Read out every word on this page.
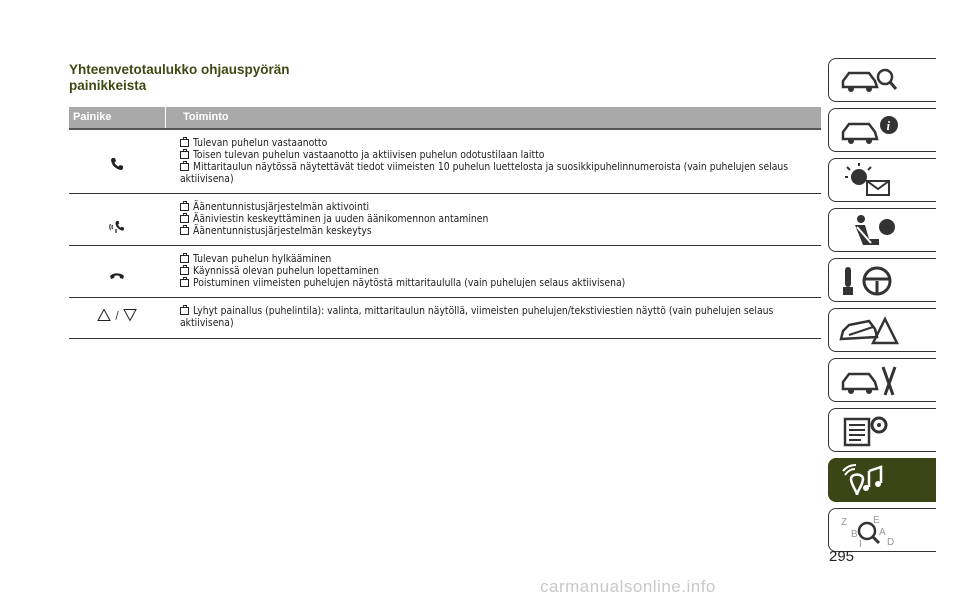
Yhteenvetotaulukko ohjauspyörän
painikkeista
Painike	Toiminto
Tulevan puhelun vastaanotto
Toisen tulevan puhelun vastaanotto ja aktiivisen puhelun odotustilaan laitto
Mittaritaulun näytössä näytettävät tiedot viimeisten 10 puhelun luettelosta ja suosikkipuhelinnumeroista (vain puhelujen selaus aktiivisena)
Äänentunnistusjärjestelmän aktivointi
Ääniviestin keskeyttäminen ja uuden äänikomennon antaminen
Äänentunnistusjärjestelmän keskeytys
Tulevan puhelun hylkääminen
Käynnissä olevan puhelun lopettaminen
Poistuminen viimeisten puhelujen näytöstä mittaritaululla (vain puhelujen selaus aktiivisena)
/	Lyhyt painallus (puhelintila): valinta, mittaritaulun näytöllä, viimeisten puhelujen/tekstiviestien näyttö (vain puhelujen selaus aktiivisena)
i
Z
B
I
E
A
D
295
carmanualsonline.info
